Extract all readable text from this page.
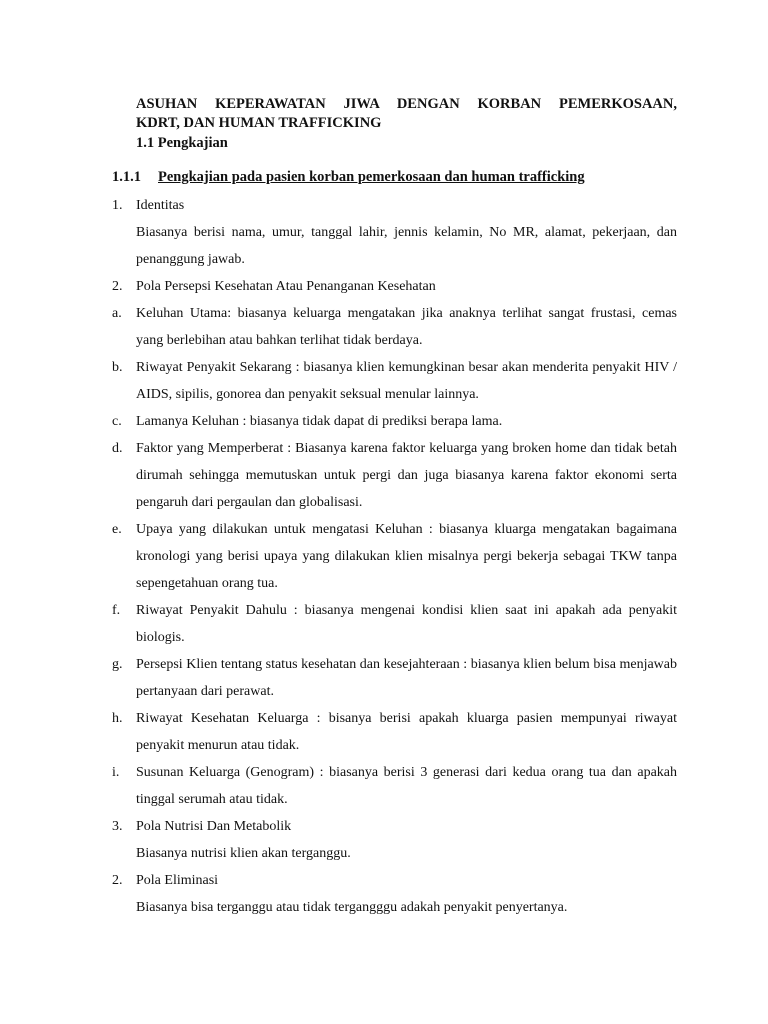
ASUHAN KEPERAWATAN JIWA DENGAN KORBAN PEMERKOSAAN,
KDRT, DAN HUMAN TRAFFICKING
1.1 Pengkajian
1.1.1 Pengkajian pada pasien korban pemerkosaan dan human trafficking
1. Identitas
Biasanya berisi nama, umur, tanggal lahir, jennis kelamin, No MR, alamat, pekerjaan, dan penanggung jawab.
2. Pola Persepsi Kesehatan Atau Penanganan Kesehatan
a. Keluhan Utama: biasanya keluarga mengatakan jika anaknya terlihat sangat frustasi, cemas yang berlebihan atau bahkan terlihat tidak berdaya.
b. Riwayat Penyakit Sekarang : biasanya klien kemungkinan besar akan menderita penyakit HIV / AIDS, sipilis, gonorea dan penyakit seksual menular lainnya.
c. Lamanya Keluhan : biasanya tidak dapat di prediksi berapa lama.
d. Faktor yang Memperberat : Biasanya karena faktor keluarga yang broken home dan tidak betah dirumah sehingga memutuskan untuk pergi dan juga biasanya karena faktor ekonomi serta pengaruh dari pergaulan dan globalisasi.
e. Upaya yang dilakukan untuk mengatasi Keluhan : biasanya kluarga mengatakan bagaimana kronologi yang berisi upaya yang dilakukan klien misalnya pergi bekerja sebagai TKW tanpa sepengetahuan orang tua.
f. Riwayat Penyakit Dahulu : biasanya mengenai kondisi klien saat ini apakah ada penyakit biologis.
g. Persepsi Klien tentang status kesehatan dan kesejahteraan : biasanya klien belum bisa menjawab pertanyaan dari perawat.
h. Riwayat Kesehatan Keluarga : bisanya berisi apakah kluarga pasien mempunyai riwayat penyakit menurun atau tidak.
i. Susunan Keluarga (Genogram) : biasanya berisi 3 generasi dari kedua orang tua dan apakah tinggal serumah atau tidak.
3. Pola Nutrisi Dan Metabolik
Biasanya nutrisi klien akan terganggu.
2. Pola Eliminasi
Biasanya bisa terganggu atau tidak tergangggu adakah penyakit penyertanya.
